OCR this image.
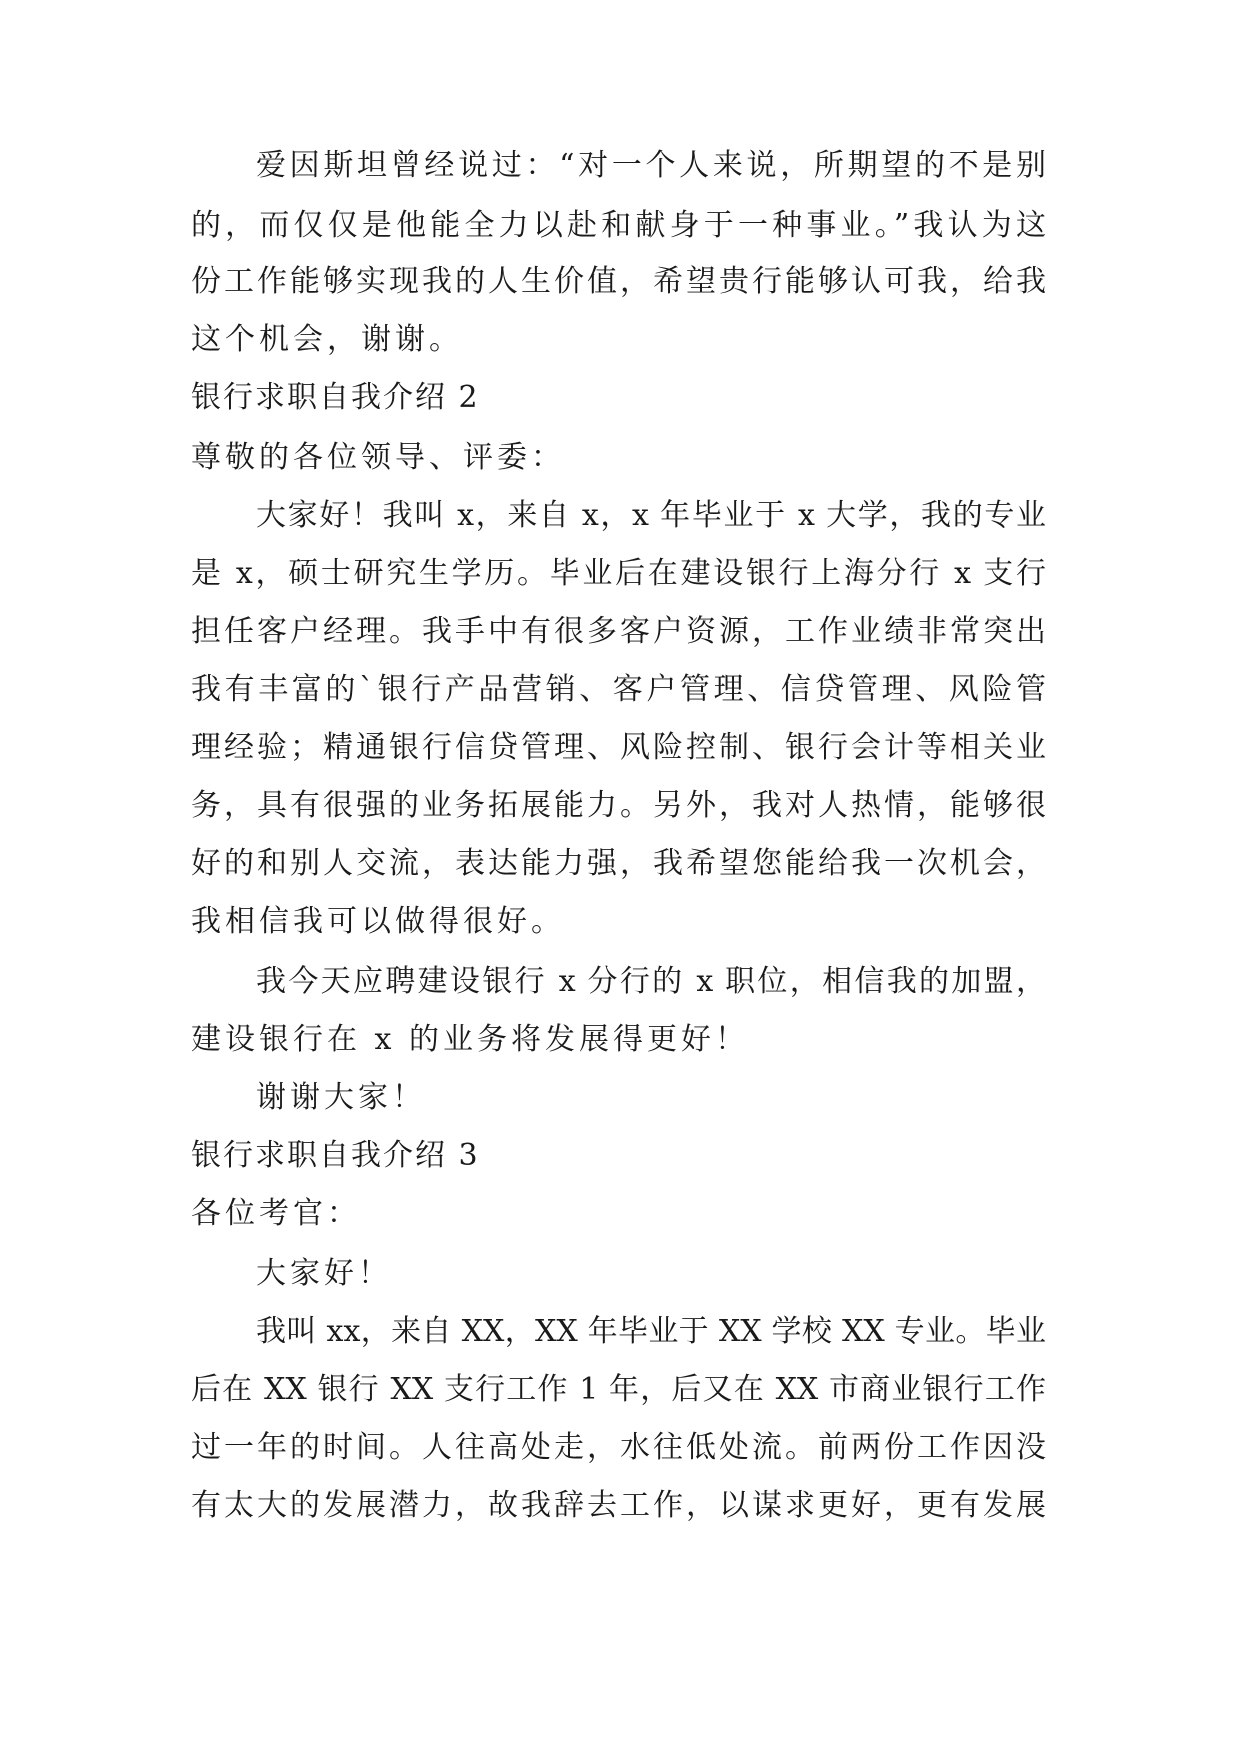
爱因斯坦曾经说过：“对一个人来说，所期望的不是别

的，而仅仅是他能全力以赴和献身于一种事业。”我认为这

份工作能够实现我的人生价值，希望贵行能够认可我，给我

这个机会，谢谢。

银行求职自我介绍 2

尊敬的各位领导、评委：

大家好！我叫 x，来自 x，x 年毕业于 x 大学，我的专业

是 x，硕士研究生学历。毕业后在建设银行上海分行 x 支行

担任客户经理。我手中有很多客户资源，工作业绩非常突出

我有丰富的`银行产品营销、客户管理、信贷管理、风险管

理经验；精通银行信贷管理、风险控制、银行会计等相关业

务，具有很强的业务拓展能力。另外，我对人热情，能够很

好的和别人交流，表达能力强，我希望您能给我一次机会，

我相信我可以做得很好。

我今天应聘建设银行 x 分行的 x 职位，相信我的加盟，

建设银行在 x 的业务将发展得更好！

谢谢大家！

银行求职自我介绍 3

各位考官：

大家好！

我叫 xx，来自 XX，XX 年毕业于 XX 学校 XX 专业。毕业

后在 XX 银行 XX 支行工作 1 年，后又在 XX 市商业银行工作

过一年的时间。人往高处走，水往低处流。前两份工作因没

有太大的发展潜力，故我辞去工作，以谋求更好，更有发展
